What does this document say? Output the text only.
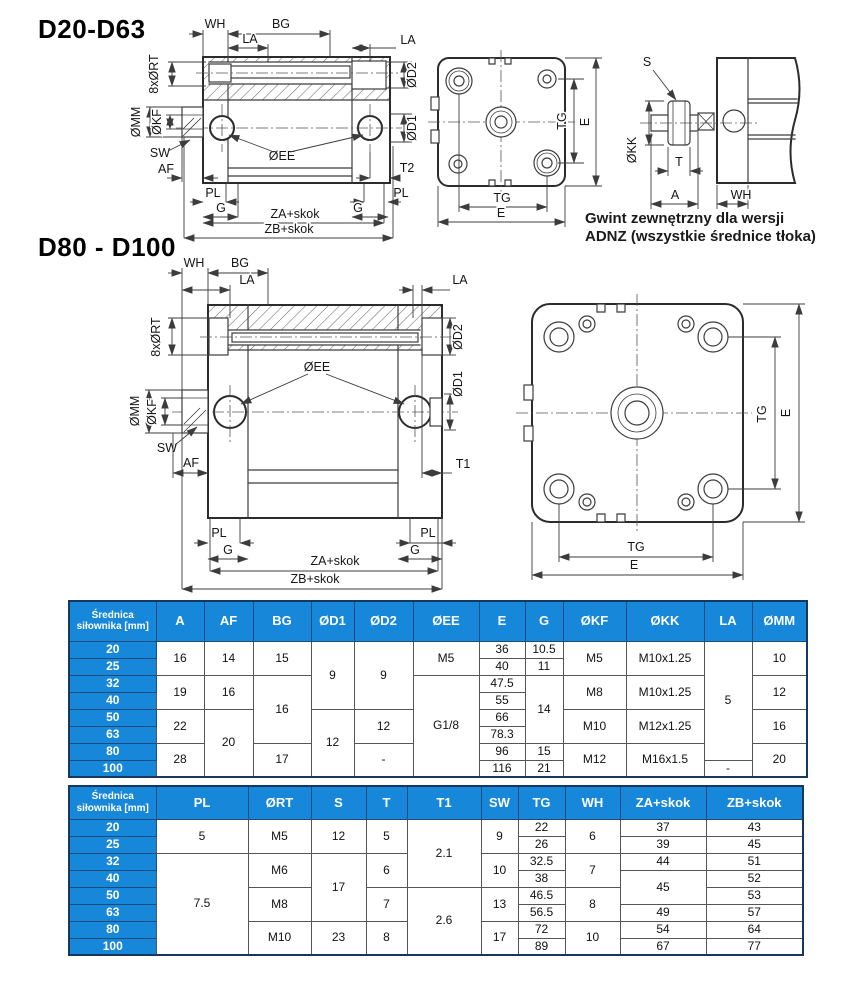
D20-D63
D80 - D100
Gwint zewnętrzny dla wersji
ADNZ (wszystkie średnice tłoka)
WH	BG
LA	LA
8xØRT	ØD2
ØD1
ØMM ØKF
SW
AF
ØEE
T2
PL
G
PL
G
ZA+skok
ZB+skok
TG E
TG
E
S
ØKK	T
A	WH
ØEE
WH BG
LA	LA
8xØRT	ØD2
ØD1
ØMM ØKF
SW
AF	T1
PL
G
PL
G
ZA+skok
ZB+skok
TG E
TG
E
Średnica siłownika [mm]	A	AF	BG	ØD1	ØD2	ØEE	E	G	ØKF	ØKK	LA	ØMM
20	16	14	15	9	9	M5	36	10.5	M5	M10x1.25	5	10
25							40	11				
32	19	16	16			G1/8	47.5	14	M8	M10x1.25		12
40							55					
50	22	20		12	12		66		M10	M12x1.25		16
63							78.3					
80	28		17		-		96	15	M12	M16x1.5		20
100							116	21			-	
Średnica siłownika [mm]	PL	ØRT	S	T	T1	SW	TG	WH	ZA+skok	ZB+skok
20	5	M5	12	5	2.1	9	22	6	37	43
25							26		39	45
32	7.5	M6	17	6		10	32.5	7	44	51
40							38		45	52
50		M8		7	2.6	13	46.5	8		53
63							56.5		49	57
80		M10	23	8		17	72	10	54	64
100							89		67	77
